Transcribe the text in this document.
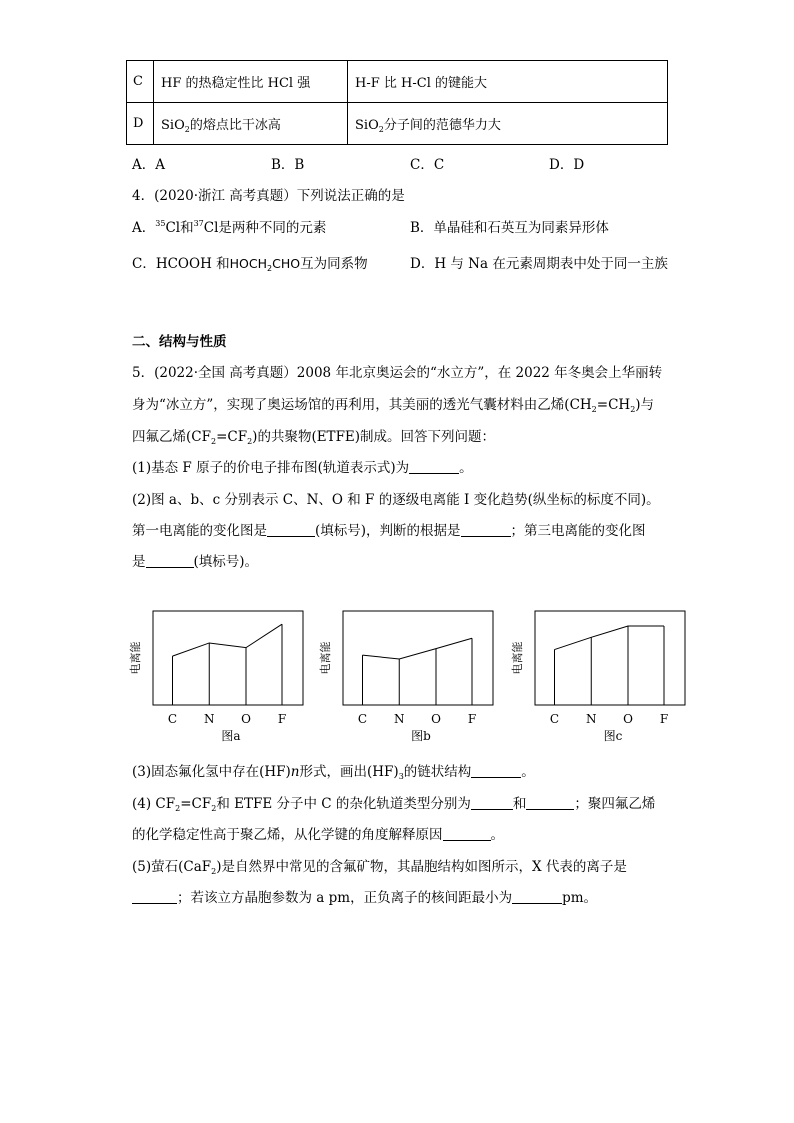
C	HF 的热稳定性比 HCl 强	H-F 比 H-Cl 的键能大
D	SiO$_2$的熔点比干冰高	SiO$_2$分子间的范德华力大
A．A	B．B	C．C	D．D
4．(2020·浙江 高考真题）下列说法正确的是
A．$^{35}$Cl和$^{37}$Cl是两种不同的元素	B．单晶硅和石英互为同素异形体
C．HCOOH 和$HOCH_2CHO$互为同系物	D．H 与 Na 在元素周期表中处于同一主族
二、结构与性质
5．(2022·全国 高考真题）2008 年北京奥运会的“水立方”，在 2022 年冬奥会上华丽转
身为“冰立方”，实现了奥运场馆的再利用，其美丽的透光气囊材料由乙烯$(CH_2=CH_2)$与
四氟乙烯$(CF_2=CF_2)$的共聚物(ETFE)制成。回答下列问题：
(1)基态 F 原子的价电子排布图(轨道表示式)为	。
(2)图 a、b、c 分别表示 C、N、O 和 F 的逐级电离能 I 变化趋势(纵坐标的标度不同)。
第一电离能的变化图是	(填标号)，判断的根据是	；第三电离能的变化图
是	(填标号)。
C N O F
电离能
图a
C N O F
电离能
图b
C N O F
电离能
图c
(3)固态氟化氢中存在(HF)n形式，画出$(HF)_3$的链状结构	。
(4) $CF_2=CF_2$和 ETFE 分子中 C 的杂化轨道类型分别为	和	；聚四氟乙烯
的化学稳定性高于聚乙烯，从化学键的角度解释原因	。
(5)萤石(CaF$_2$)是自然界中常见的含氟矿物，其晶胞结构如图所示，X 代表的离子是
；若该立方晶胞参数为 a pm，正负离子的核间距最小为	pm。
